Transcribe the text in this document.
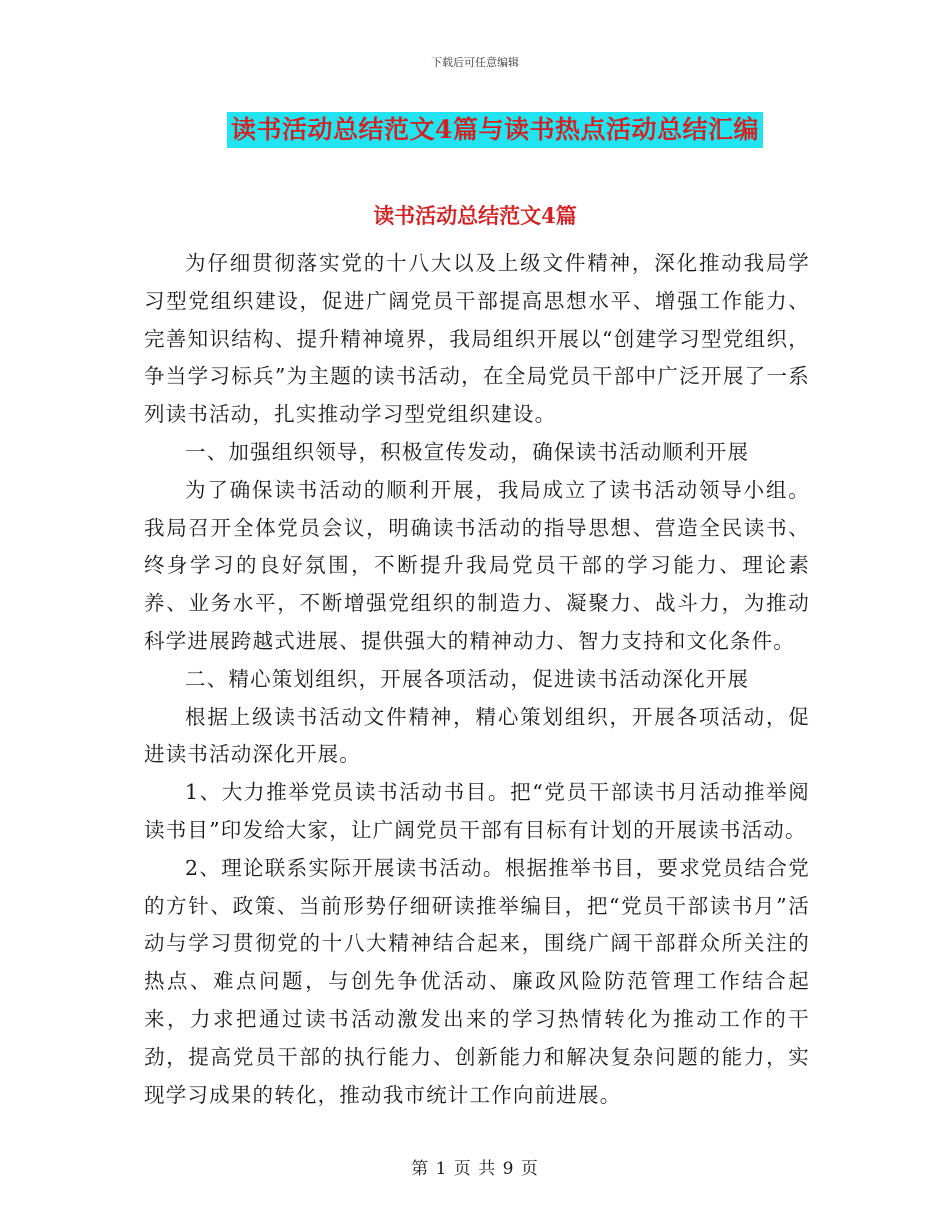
下载后可任意编辑
读书活动总结范文4篇与读书热点活动总结汇编
读书活动总结范文4篇

为仔细贯彻落实党的十八大以及上级文件精神，深化推动我局学习型党组织建设，促进广阔党员干部提高思想水平、增强工作能力、完善知识结构、提升精神境界，我局组织开展以“创建学习型党组织，争当学习标兵”为主题的读书活动，在全局党员干部中广泛开展了一系列读书活动，扎实推动学习型党组织建设。

一、加强组织领导，积极宣传发动，确保读书活动顺利开展

为了确保读书活动的顺利开展，我局成立了读书活动领导小组。我局召开全体党员会议，明确读书活动的指导思想、营造全民读书、终身学习的良好氛围，不断提升我局党员干部的学习能力、理论素养、业务水平，不断增强党组织的制造力、凝聚力、战斗力，为推动科学进展跨越式进展、提供强大的精神动力、智力支持和文化条件。

二、精心策划组织，开展各项活动，促进读书活动深化开展

根据上级读书活动文件精神，精心策划组织，开展各项活动，促进读书活动深化开展。

1、大力推举党员读书活动书目。把“党员干部读书月活动推举阅读书目”印发给大家，让广阔党员干部有目标有计划的开展读书活动。

2、理论联系实际开展读书活动。根据推举书目，要求党员结合党的方针、政策、当前形势仔细研读推举编目，把“党员干部读书月”活动与学习贯彻党的十八大精神结合起来，围绕广阔干部群众所关注的热点、难点问题，与创先争优活动、廉政风险防范管理工作结合起来，力求把通过读书活动激发出来的学习热情转化为推动工作的干劲，提高党员干部的执行能力、创新能力和解决复杂问题的能力，实现学习成果的转化，推动我市统计工作向前进展。

第 1 页 共 9 页
